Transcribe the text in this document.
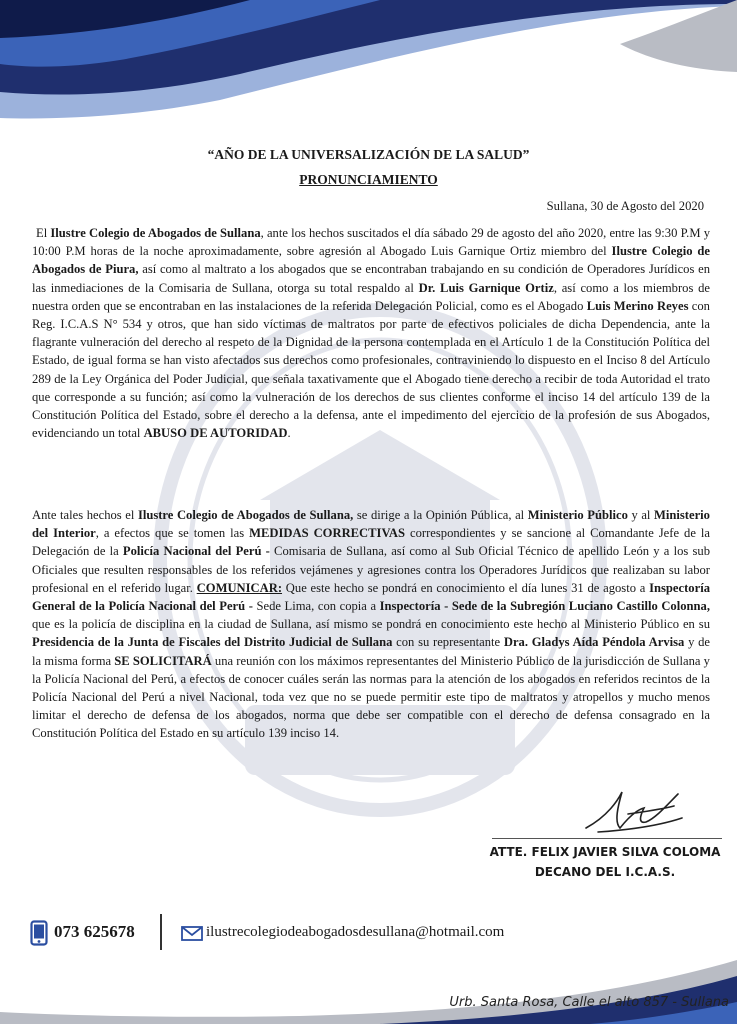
“AÑO DE LA UNIVERSALIZACIÓN DE LA SALUD”
PRONUNCIAMIENTO
Sullana, 30 de Agosto del 2020

El Ilustre Colegio de Abogados de Sullana, ante los hechos suscitados el día sábado 29 de agosto del año 2020, entre las 9:30 P.M y 10:00 P.M horas de la noche aproximadamente, sobre agresión al Abogado Luis Garnique Ortiz miembro del Ilustre Colegio de Abogados de Piura, así como al maltrato a los abogados que se encontraban trabajando en su condición de Operadores Jurídicos en las inmediaciones de la Comisaria de Sullana, otorga su total respaldo al Dr. Luis Garnique Ortiz, así como a los miembros de nuestra orden que se encontraban en las instalaciones de la referida Delegación Policial, como es el Abogado Luis Merino Reyes con Reg. I.C.A.S N° 534 y otros, que han sido víctimas de maltratos por parte de efectivos policiales de dicha Dependencia, ante la flagrante vulneración del derecho al respeto de la Dignidad de la persona contemplada en el Artículo 1 de la Constitución Política del Estado, de igual forma se han visto afectados sus derechos como profesionales, contraviniendo lo dispuesto en el Inciso 8 del Artículo 289 de la Ley Orgánica del Poder Judicial, que señala taxativamente que el Abogado tiene derecho a recibir de toda Autoridad el trato que corresponde a su función; así como la vulneración de los derechos de sus clientes conforme el inciso 14 del artículo 139 de la Constitución Política del Estado, sobre el derecho a la defensa, ante el impedimento del ejercicio de la profesión de sus Abogados, evidenciando un total ABUSO DE AUTORIDAD.

Ante tales hechos el Ilustre Colegio de Abogados de Sullana, se dirige a la Opinión Pública, al Ministerio Público y al Ministerio del Interior, a efectos que se tomen las MEDIDAS CORRECTIVAS correspondientes y se sancione al Comandante Jefe de la Delegación de la Policía Nacional del Perú - Comisaria de Sullana, así como al Sub Oficial Técnico de apellido León y a los sub Oficiales que resulten responsables de los referidos vejámenes y agresiones contra los Operadores Jurídicos que realizaban su labor profesional en el referido lugar. COMUNICAR: Que este hecho se pondrá en conocimiento el día lunes 31 de agosto a Inspectoría General de la Policía Nacional del Perú - Sede Lima, con copia a Inspectoría - Sede de la Subregión Luciano Castillo Colonna, que es la policía de disciplina en la ciudad de Sullana, así mismo se pondrá en conocimiento este hecho al Ministerio Público en su Presidencia de la Junta de Fiscales del Distrito Judicial de Sullana con su representante Dra. Gladys Aída Péndola Arvisa y de la misma forma SE SOLICITARÁ una reunión con los máximos representantes del Ministerio Público de la jurisdicción de Sullana y la Policía Nacional del Perú, a efectos de conocer cuáles serán las normas para la atención de los abogados en referidos recintos de la Policía Nacional del Perú a nivel Nacional, toda vez que no se puede permitir este tipo de maltratos y atropellos y mucho menos limitar el derecho de defensa de los abogados, norma que debe ser compatible con el derecho de defensa consagrado en la Constitución Política del Estado en su artículo 139 inciso 14.

ATTE. FELIX JAVIER SILVA COLOMA
DECANO DEL I.C.A.S.
073 625678	ilustrecolegiodeabogadosdesullana@hotmail.com
Urb. Santa Rosa, Calle el alto 857 - Sullana
